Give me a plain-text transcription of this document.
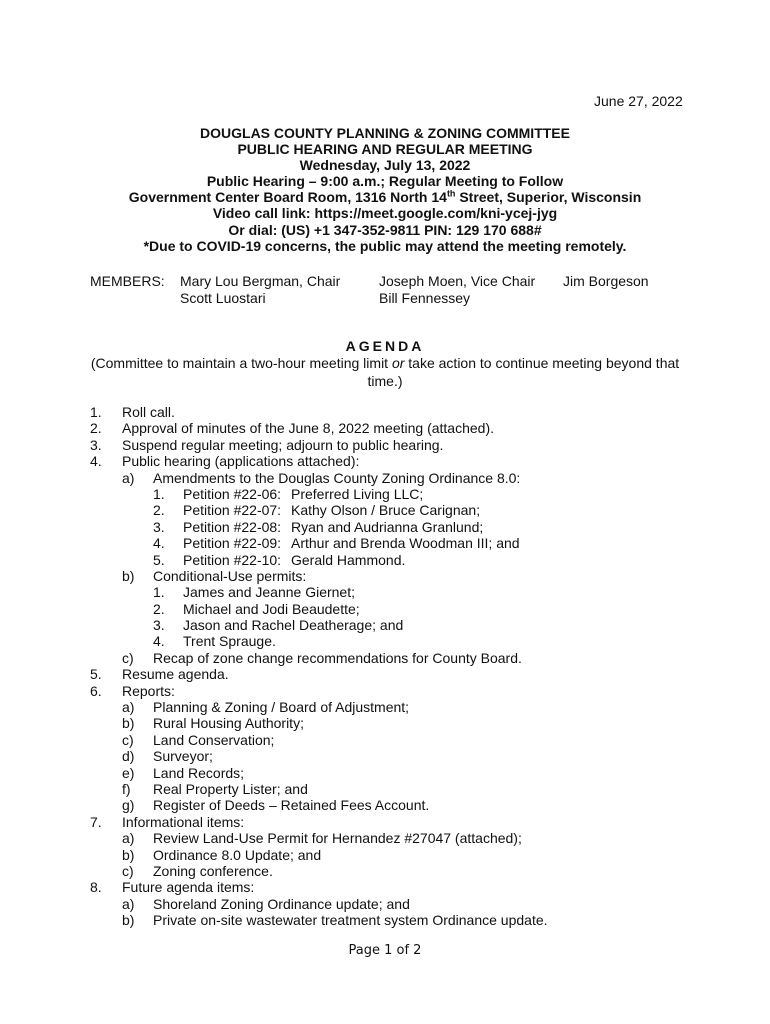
June 27, 2022
DOUGLAS COUNTY PLANNING & ZONING COMMITTEE
PUBLIC HEARING AND REGULAR MEETING
Wednesday, July 13, 2022
Public Hearing – 9:00 a.m.; Regular Meeting to Follow
Government Center Board Room, 1316 North 14th Street, Superior, Wisconsin
Video call link: https://meet.google.com/kni-ycej-jyg
Or dial: (US) +1 347-352-9811 PIN: 129 170 688#
*Due to COVID-19 concerns, the public may attend the meeting remotely.
MEMBERS: Mary Lou Bergman, Chair	Joseph Moen, Vice Chair Jim Borgeson
Scott Luostari	Bill Fennessey
AGENDA
(Committee to maintain a two-hour meeting limit or take action to continue meeting beyond that time.)
1. Roll call.
2. Approval of minutes of the June 8, 2022 meeting (attached).
3. Suspend regular meeting; adjourn to public hearing.
4. Public hearing (applications attached):
a) Amendments to the Douglas County Zoning Ordinance 8.0:
1. Petition #22-06: Preferred Living LLC;
2. Petition #22-07: Kathy Olson / Bruce Carignan;
3. Petition #22-08: Ryan and Audrianna Granlund;
4. Petition #22-09: Arthur and Brenda Woodman III; and
5. Petition #22-10: Gerald Hammond.
b) Conditional-Use permits:
1. James and Jeanne Giernet;
2. Michael and Jodi Beaudette;
3. Jason and Rachel Deatherage; and
4. Trent Sprauge.
c) Recap of zone change recommendations for County Board.
5. Resume agenda.
6. Reports:
a) Planning & Zoning / Board of Adjustment;
b) Rural Housing Authority;
c) Land Conservation;
d) Surveyor;
e) Land Records;
f) Real Property Lister; and
g) Register of Deeds – Retained Fees Account.
7. Informational items:
a) Review Land-Use Permit for Hernandez #27047 (attached);
b) Ordinance 8.0 Update; and
c) Zoning conference.
8. Future agenda items:
a) Shoreland Zoning Ordinance update; and
b) Private on-site wastewater treatment system Ordinance update.
Page 1 of 2
